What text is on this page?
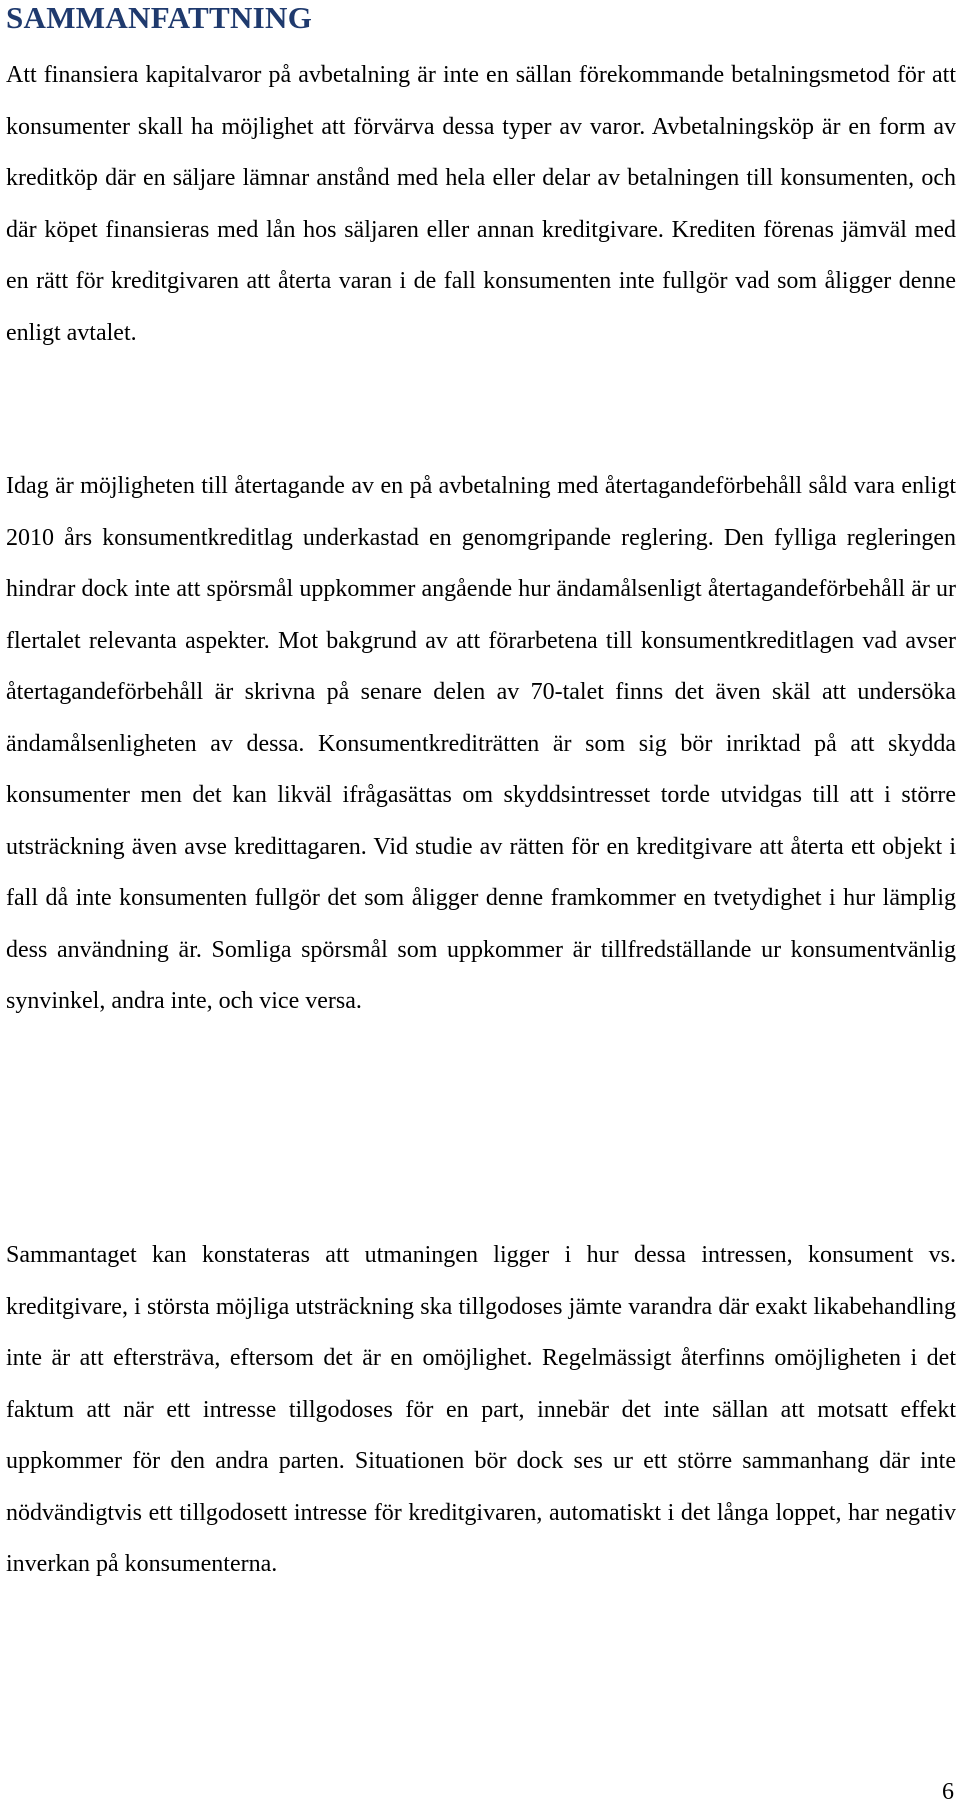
SAMMANFATTNING

Att finansiera kapitalvaror på avbetalning är inte en sällan förekommande betalningsmetod för att konsumenter skall ha möjlighet att förvärva dessa typer av varor. Avbetalningsköp är en form av kreditköp där en säljare lämnar anstånd med hela eller delar av betalningen till konsumenten, och där köpet finansieras med lån hos säljaren eller annan kreditgivare. Krediten förenas jämväl med en rätt för kreditgivaren att återta varan i de fall konsumenten inte fullgör vad som åligger denne enligt avtalet.

Idag är möjligheten till återtagande av en på avbetalning med återtagandeförbehåll såld vara enligt 2010 års konsumentkreditlag underkastad en genomgripande reglering. Den fylliga regleringen hindrar dock inte att spörsmål uppkommer angående hur ändamålsenligt återtagandeförbehåll är ur flertalet relevanta aspekter. Mot bakgrund av att förarbetena till konsumentkreditlagen vad avser återtagandeförbehåll är skrivna på senare delen av 70-talet finns det även skäl att undersöka ändamålsenligheten av dessa. Konsumentkrediträtten är som sig bör inriktad på att skydda konsumenter men det kan likväl ifrågasättas om skyddsintresset torde utvidgas till att i större utsträckning även avse kredittagaren. Vid studie av rätten för en kreditgivare att återta ett objekt i fall då inte konsumenten fullgör det som åligger denne framkommer en tvetydighet i hur lämplig dess användning är. Somliga spörsmål som uppkommer är tillfredställande ur konsumentvänlig synvinkel, andra inte, och vice versa.

Sammantaget kan konstateras att utmaningen ligger i hur dessa intressen, konsument vs. kreditgivare, i största möjliga utsträckning ska tillgodoses jämte varandra där exakt likabehandling inte är att eftersträva, eftersom det är en omöjlighet. Regelmässigt återfinns omöjligheten i det faktum att när ett intresse tillgodoses för en part, innebär det inte sällan att motsatt effekt uppkommer för den andra parten. Situationen bör dock ses ur ett större sammanhang där inte nödvändigtvis ett tillgodosett intresse för kreditgivaren, automatiskt i det långa loppet, har negativ inverkan på konsumenterna.

6
